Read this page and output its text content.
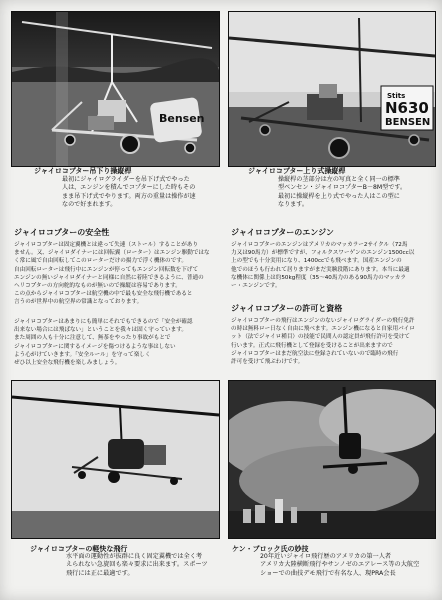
Bensen
Stits
N630
BENSEN
ジャイロコプター吊下り操縦桿
最初にジャイログライダーを吊下げ式でやった
人は、エンジンを積んでコプターにした時もその
まま吊下げ式でやります。両方の重量は操作が速
なので好まれます。
ジャイロコプター上り式操縦桿
操縦桿の茎部分は左の写真と全く同一の標準
型ベンセン・ジャイロコプターB－8M型です。
最初に操縦桿を上り式でやった人はこの型に
なります。
ジャイロコプターの安全性
ジャイロコプターは固定翼機とは違って失速（ストール）することがあり
ません。又、ジャイロダイナーには回転翼（ローター）はエンジン駆動ではな
く常に風で自由回転してこのローターだけの揚力で浮く機体のです。
自由回転ローターは飛行中にエンジンが停ってもエンジン回転数を下げて
エンジンの無いジャイロダイナーと同様に自然に着陸できるように、普通の
ヘリコプターの方向舵的なものが無いので操縦は容易であります。
この点からジャイロコプターは航空機の中で最も安全な飛行機であると
言うのが世界中の航空界の常識となっております。
ジャイロコプターはあまりにも簡単にそれでもできるので「安全が確認
出来ない場合には飛ばない」ということを我々は固く守っています。
また周囲の人も十分に注意して、無茶をやったり事故がもとで
ジャイロコプターに関するイメージを傷つけるような事はしない
よう心がけていきます。「安全ルール」を守って楽しく
ぜひ以上安全な飛行機を楽しみましょう。
ジャイロコプターのエンジン
ジャイロコプターのエンジンはアメリカのマッカラー2サイクル（72馬
力又は90馬力）が標準ですが、フォルクスワーゲンのエンジン1500cc以
上の型でも十分実用になり、1400ccでも飛べます。国産エンジンの
他でのほうも行われて居りますがまだ実験段階にあります。本当に最適
な機体に関係上は約50kg程度（35～40馬力のある90馬力のマッカラ
ー・エンジンです。
ジャイロコプターの許可と資格
ジャイロコプターの飛行はエンジンのないジャイログライダーの飛行免許
の時は無料ロー日なく自由に飛べます。エンジン機になると自家用パイロ
ット（法でジャイロ種目）の技能で民間人の認定員が飛行許可を受けて
行います。正式に飛行機として登録を受けることが出来ますので
ジャイロコプターはまだ航空法に登録されていないので臨時の飛行
許可を受けて飛ぶわけです。
ジャイロコプターの軽快な飛行
水平面の運動性が抜群に良く固定翼機では全く考
えられない急旋回も楽々要求に出来ます。スポーツ
飛行には正に最適です。
ケン・ブロック氏の妙技
20年近いジャイロ飛行歴のアメリカの第一人者
アメリカ大陸横断飛行やサンノゼのエアレース等の大航空
ショーでの曲技デモ飛行で有名な人、現PRA会長
